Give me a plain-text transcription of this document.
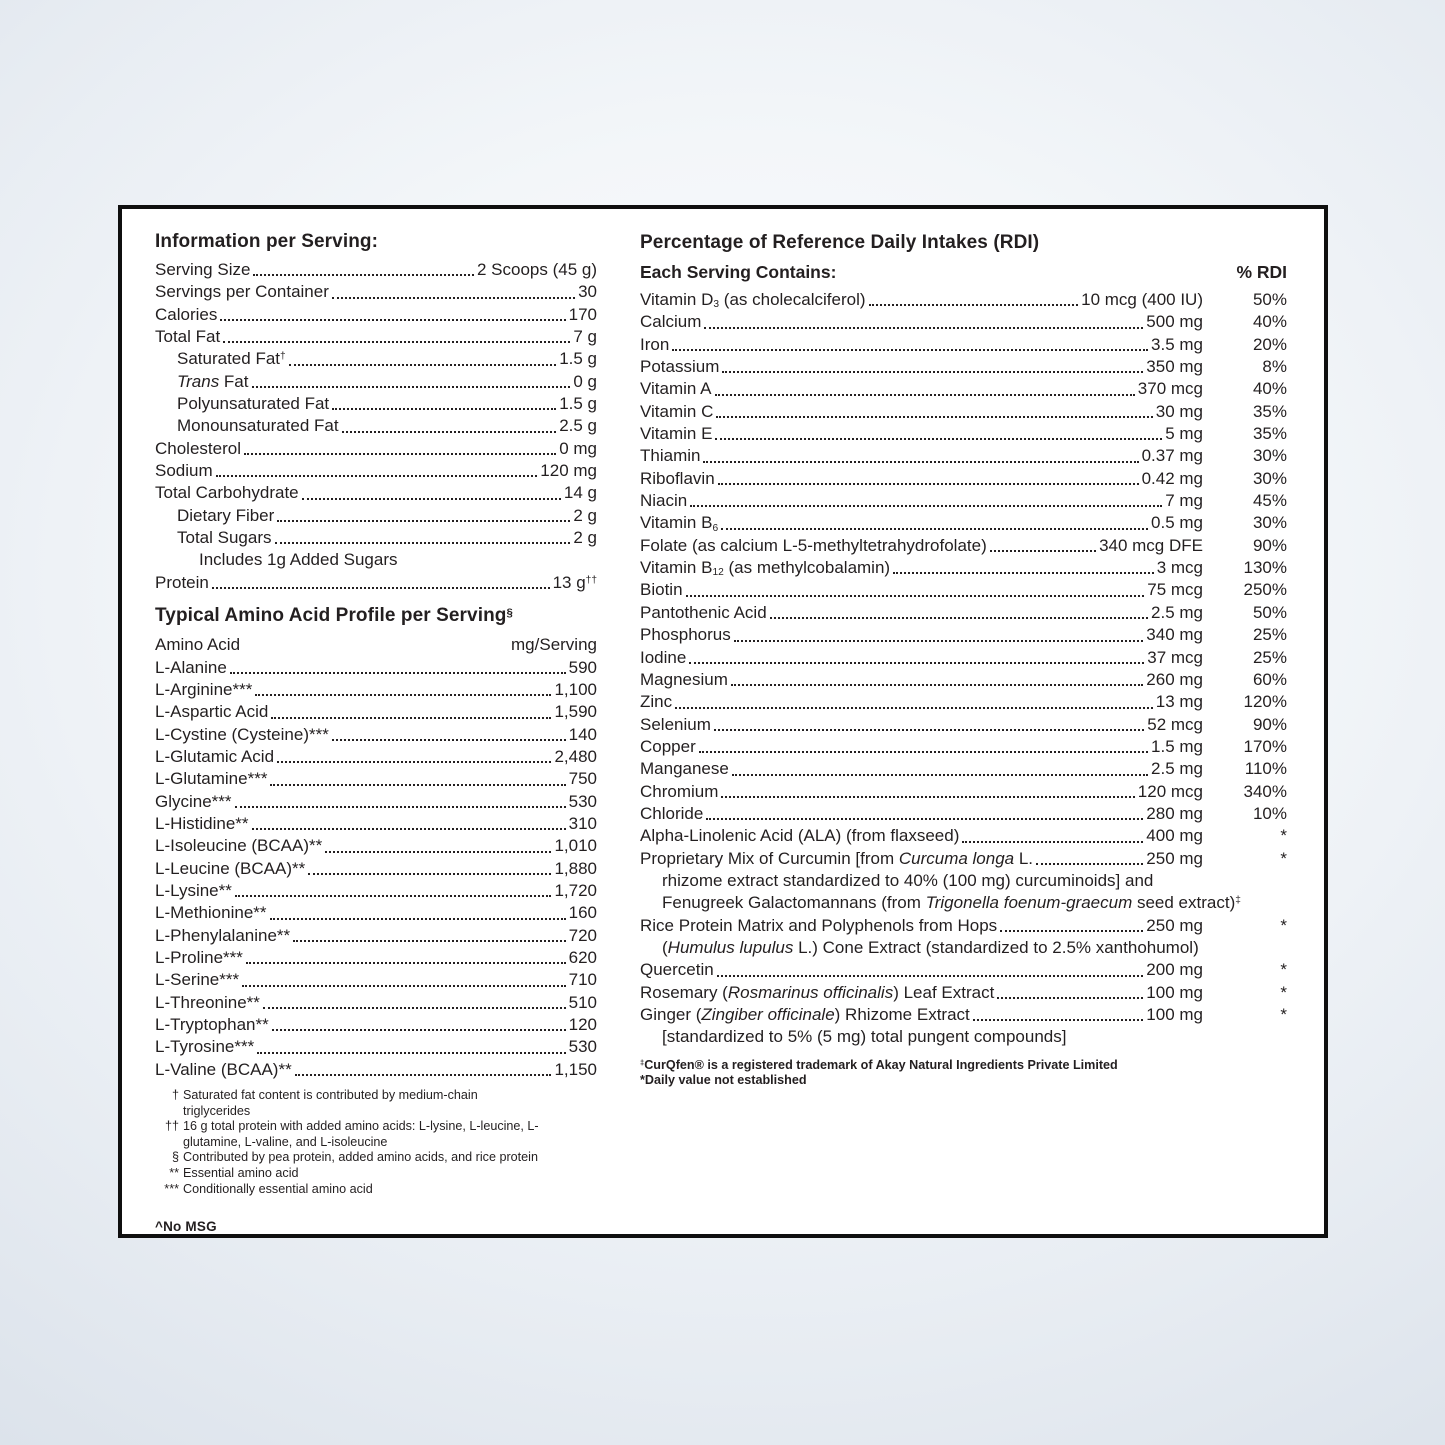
Information per Serving:
Serving Size	2 Scoops (45 g)
Servings per Container	30
Calories	170
Total Fat	7 g
Saturated Fat†	1.5 g
Trans Fat	0 g
Polyunsaturated Fat	1.5 g
Monounsaturated Fat	2.5 g
Cholesterol	0 mg
Sodium	120 mg
Total Carbohydrate	14 g
Dietary Fiber	2 g
Total Sugars	2 g
Includes 1g Added Sugars
Protein	13 g††
Typical Amino Acid Profile per Serving§
Amino Acid	mg/Serving
L-Alanine	590
L-Arginine***	1,100
L-Aspartic Acid	1,590
L-Cystine (Cysteine)***	140
L-Glutamic Acid	2,480
L-Glutamine***	750
Glycine***	530
L-Histidine**	310
L-Isoleucine (BCAA)**	1,010
L-Leucine (BCAA)**	1,880
L-Lysine**	1,720
L-Methionine**	160
L-Phenylalanine**	720
L-Proline***	620
L-Serine***	710
L-Threonine**	510
L-Tryptophan**	120
L-Tyrosine***	530
L-Valine (BCAA)**	1,150
† Saturated fat content is contributed by medium-chain triglycerides
†† 16 g total protein with added amino acids: L-lysine, L-leucine, L-glutamine, L-valine, and L-isoleucine
§ Contributed by pea protein, added amino acids, and rice protein
** Essential amino acid
*** Conditionally essential amino acid
^No MSG
Percentage of Reference Daily Intakes (RDI)
Each Serving Contains:	% RDI
Vitamin $D_3$ (as cholecalciferol)	10 mcg (400 IU)	50%
Calcium	500 mg	40%
Iron	3.5 mg	20%
Potassium	350 mg	8%
Vitamin A	370 mcg	40%
Vitamin C	30 mg	35%
Vitamin E	5 mg	35%
Thiamin	0.37 mg	30%
Riboflavin	0.42 mg	30%
Niacin	7 mg	45%
Vitamin $B_6$	0.5 mg	30%
Folate (as calcium L-5-methyltetrahydrofolate)	340 mcg DFE	90%
Vitamin $B_{12}$ (as methylcobalamin)	3 mcg	130%
Biotin	75 mcg	250%
Pantothenic Acid	2.5 mg	50%
Phosphorus	340 mg	25%
Iodine	37 mcg	25%
Magnesium	260 mg	60%
Zinc	13 mg	120%
Selenium	52 mcg	90%
Copper	1.5 mg	170%
Manganese	2.5 mg	110%
Chromium	120 mcg	340%
Chloride	280 mg	10%
Alpha-Linolenic Acid (ALA) (from flaxseed)	400 mg	*
Proprietary Mix of Curcumin [from Curcuma longa L.	250 mg	*
rhizome extract standardized to 40% (100 mg) curcuminoids] and
Fenugreek Galactomannans (from Trigonella foenum-graecum seed extract)‡
Rice Protein Matrix and Polyphenols from Hops	250 mg	*
(Humulus lupulus L.) Cone Extract (standardized to 2.5% xanthohumol)
Quercetin	200 mg	*
Rosemary (Rosmarinus officinalis) Leaf Extract	100 mg	*
Ginger (Zingiber officinale) Rhizome Extract	100 mg	*
[standardized to 5% (5 mg) total pungent compounds]
‡CurQfen® is a registered trademark of Akay Natural Ingredients Private Limited
*Daily value not established
